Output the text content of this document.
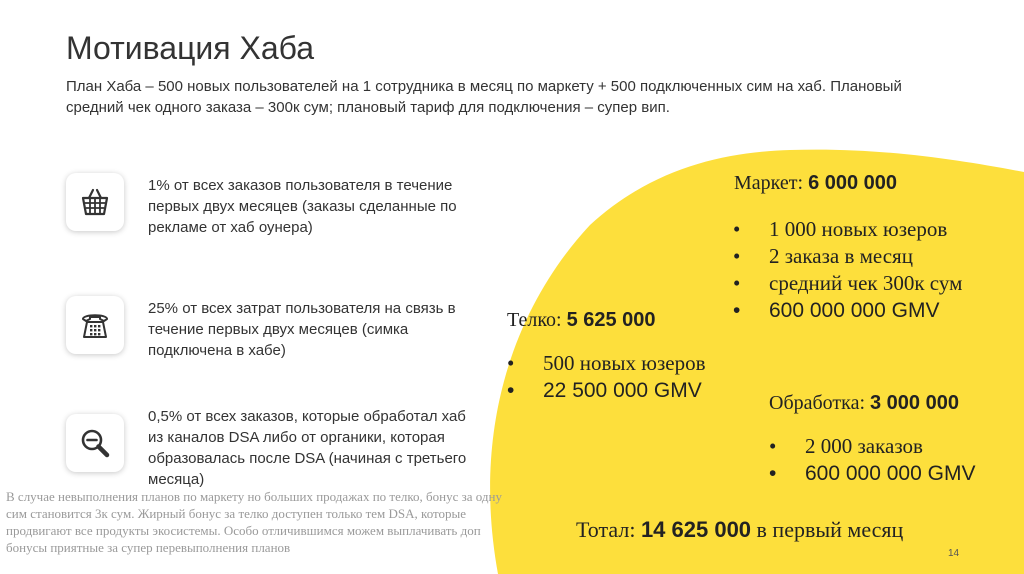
Мотивация Хаба
План Хаба – 500 новых пользователей на 1 сотрудника в месяц по маркету + 500 подключенных сим на хаб. Плановый средний чек одного заказа – 300к сум; плановый тариф для подключения – супер вип.
1% от всех заказов пользователя в течение первых двух месяцев (заказы сделанные по рекламе от хаб оунера)
25% от всех затрат пользователя на связь в течение первых двух месяцев (симка подключена в хабе)
0,5% от всех заказов, которые обработал хаб из каналов DSA либо от органики, которая образовалась после DSA (начиная с третьего месяца)
Маркет: 6 000 000
• 1 000 новых юзеров
• 2 заказа в месяц
• средний чек 300к сум
• 600 000 000 GMV
Телко: 5 625 000
• 500 новых юзеров
• 22 500 000 GMV
Обработка: 3 000 000
• 2 000 заказов
• 600 000 000 GMV
Тотал: 14 625 000 в первый месяц
В случае невыполнения планов по маркету но больших продажах по телко, бонус за одну сим становится 3к сум. Жирный бонус за телко доступен только тем DSA, которые продвигают все продукты экосистемы. Особо отличившимся можем выплачивать доп бонусы приятные за супер перевыполнения планов	14
